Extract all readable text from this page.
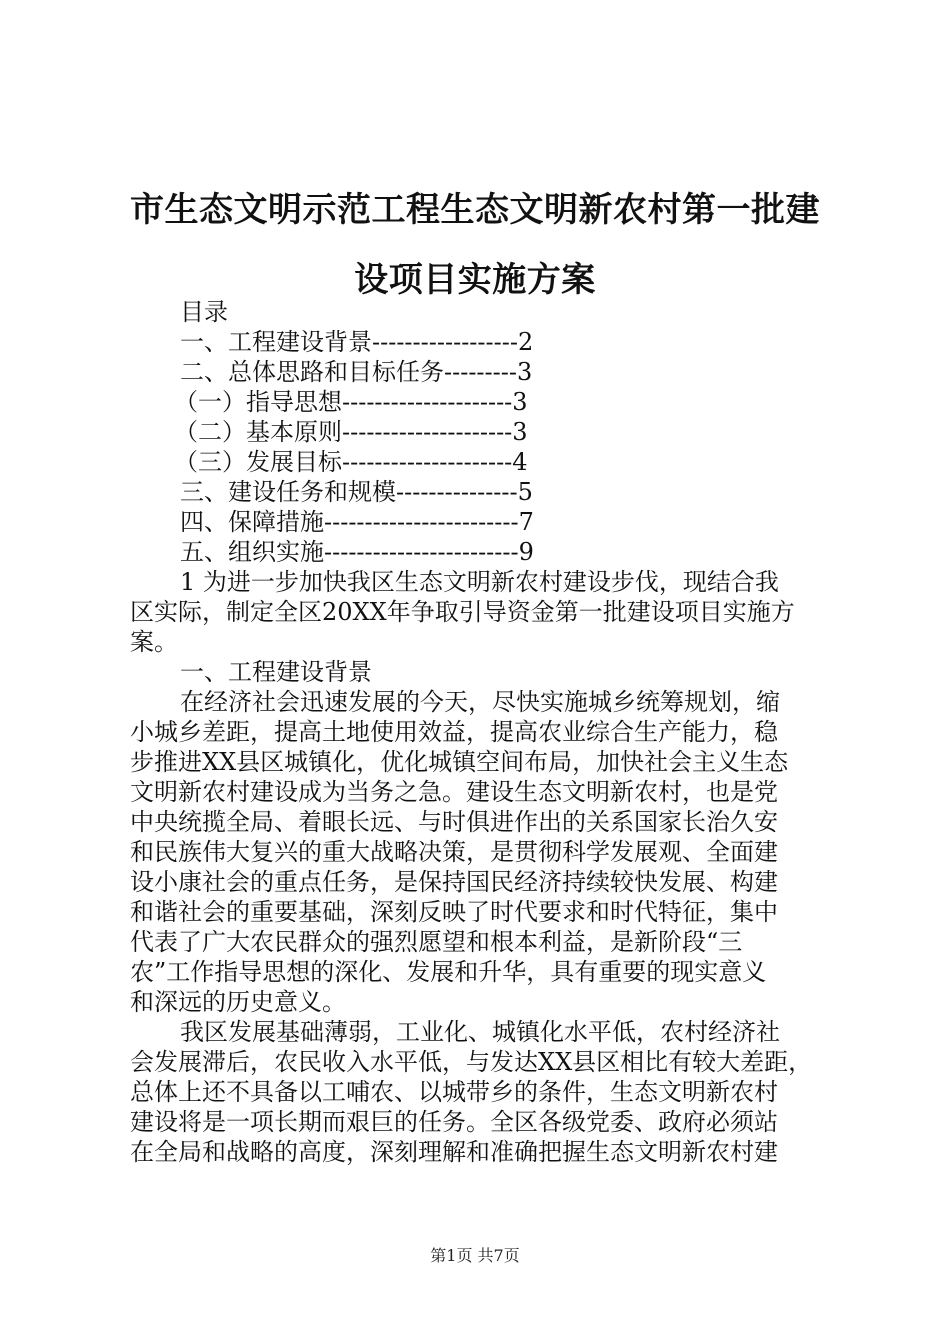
市生态文明示范工程生态文明新农村第一批建
设项目实施方案
目录
一、工程建设背景------------------2
二、总体思路和目标任务---------3
（一）指导思想---------------------3
（二）基本原则---------------------3
（三）发展目标---------------------4
三、建设任务和规模---------------5
四、保障措施------------------------7
五、组织实施------------------------9
1 为进一步加快我区生态文明新农村建设步伐，现结合我
区实际，制定全区20XX年争取引导资金第一批建设项目实施方
案。
一、工程建设背景
在经济社会迅速发展的今天，尽快实施城乡统筹规划，缩
小城乡差距，提高土地使用效益，提高农业综合生产能力，稳
步推进XX县区城镇化，优化城镇空间布局，加快社会主义生态
文明新农村建设成为当务之急。建设生态文明新农村，也是党
中央统揽全局、着眼长远、与时俱进作出的关系国家长治久安
和民族伟大复兴的重大战略决策，是贯彻科学发展观、全面建
设小康社会的重点任务，是保持国民经济持续较快发展、构建
和谐社会的重要基础，深刻反映了时代要求和时代特征，集中
代表了广大农民群众的强烈愿望和根本利益，是新阶段“三
农”工作指导思想的深化、发展和升华，具有重要的现实意义
和深远的历史意义。
我区发展基础薄弱，工业化、城镇化水平低，农村经济社
会发展滞后，农民收入水平低，与发达XX县区相比有较大差距，
总体上还不具备以工哺农、以城带乡的条件，生态文明新农村
建设将是一项长期而艰巨的任务。全区各级党委、政府必须站
在全局和战略的高度，深刻理解和准确把握生态文明新农村建
第1页 共7页
